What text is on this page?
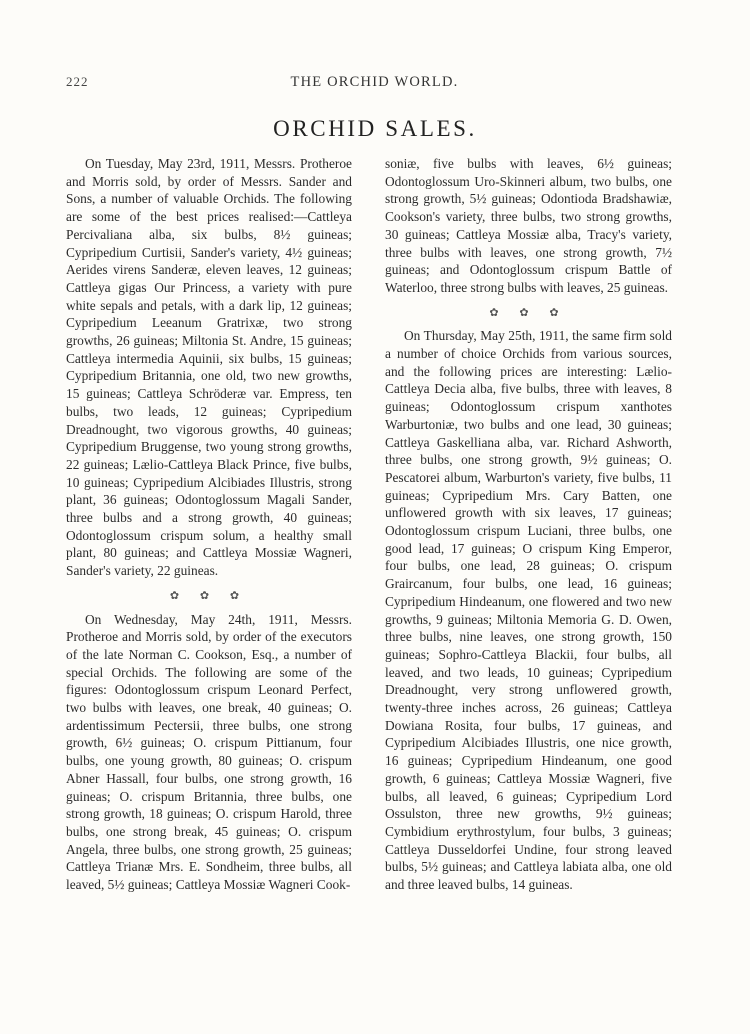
222	THE ORCHID WORLD.
ORCHID SALES.

On Tuesday, May 23rd, 1911, Messrs. Protheroe and Morris sold, by order of Messrs. Sander and Sons, a number of valuable Orchids. The following are some of the best prices realised:—Cattleya Percivaliana alba, six bulbs, 8½ guineas; Cypripedium Curtisii, Sander's variety, 4½ guineas; Aerides virens Sanderæ, eleven leaves, 12 guineas; Cattleya gigas Our Princess, a variety with pure white sepals and petals, with a dark lip, 12 guineas; Cypripedium Leeanum Gratrixæ, two strong growths, 26 guineas; Miltonia St. Andre, 15 guineas; Cattleya intermedia Aquinii, six bulbs, 15 guineas; Cypripedium Britannia, one old, two new growths, 15 guineas; Cattleya Schröderæ var. Empress, ten bulbs, two leads, 12 guineas; Cypripedium Dreadnought, two vigorous growths, 40 guineas; Cypripedium Bruggense, two young strong growths, 22 guineas; Lælio-Cattleya Black Prince, five bulbs, 10 guineas; Cypripedium Alcibiades Illustris, strong plant, 36 guineas; Odontoglossum Magali Sander, three bulbs and a strong growth, 40 guineas; Odontoglossum crispum solum, a healthy small plant, 80 guineas; and Cattleya Mossiæ Wagneri, Sander's variety, 22 guineas.

✿ ✿ ✿

On Wednesday, May 24th, 1911, Messrs. Protheroe and Morris sold, by order of the executors of the late Norman C. Cookson, Esq., a number of special Orchids. The following are some of the figures: Odontoglossum crispum Leonard Perfect, two bulbs with leaves, one break, 40 guineas; O. ardentissimum Pectersii, three bulbs, one strong growth, 6½ guineas; O. crispum Pittianum, four bulbs, one young growth, 80 guineas; O. crispum Abner Hassall, four bulbs, one strong growth, 16 guineas; O. crispum Britannia, three bulbs, one strong growth, 18 guineas; O. crispum Harold, three bulbs, one strong break, 45 guineas; O. crispum Angela, three bulbs, one strong growth, 25 guineas; Cattleya Trianæ Mrs. E. Sondheim, three bulbs, all leaved, 5½ guineas; Cattleya Mossiæ Wagneri Cook-

soniæ, five bulbs with leaves, 6½ guineas; Odontoglossum Uro-Skinneri album, two bulbs, one strong growth, 5½ guineas; Odontioda Bradshawiæ, Cookson's variety, three bulbs, two strong growths, 30 guineas; Cattleya Mossiæ alba, Tracy's variety, three bulbs with leaves, one strong growth, 7½ guineas; and Odontoglossum crispum Battle of Waterloo, three strong bulbs with leaves, 25 guineas.

✿ ✿ ✿

On Thursday, May 25th, 1911, the same firm sold a number of choice Orchids from various sources, and the following prices are interesting: Lælio-Cattleya Decia alba, five bulbs, three with leaves, 8 guineas; Odontoglossum crispum xanthotes Warburtoniæ, two bulbs and one lead, 30 guineas; Cattleya Gaskelliana alba, var. Richard Ashworth, three bulbs, one strong growth, 9½ guineas; O. Pescatorei album, Warburton's variety, five bulbs, 11 guineas; Cypripedium Mrs. Cary Batten, one unflowered growth with six leaves, 17 guineas; Odontoglossum crispum Luciani, three bulbs, one good lead, 17 guineas; O crispum King Emperor, four bulbs, one lead, 28 guineas; O. crispum Graircanum, four bulbs, one lead, 16 guineas; Cypripedium Hindeanum, one flowered and two new growths, 9 guineas; Miltonia Memoria G. D. Owen, three bulbs, nine leaves, one strong growth, 150 guineas; Sophro-Cattleya Blackii, four bulbs, all leaved, and two leads, 10 guineas; Cypripedium Dreadnought, very strong unflowered growth, twenty-three inches across, 26 guineas; Cattleya Dowiana Rosita, four bulbs, 17 guineas, and Cypripedium Alcibiades Illustris, one nice growth, 16 guineas; Cypripedium Hindeanum, one good growth, 6 guineas; Cattleya Mossiæ Wagneri, five bulbs, all leaved, 6 guineas; Cypripedium Lord Ossulston, three new growths, 9½ guineas; Cymbidium erythrostylum, four bulbs, 3 guineas; Cattleya Dusseldorfei Undine, four strong leaved bulbs, 5½ guineas; and Cattleya labiata alba, one old and three leaved bulbs, 14 guineas.
